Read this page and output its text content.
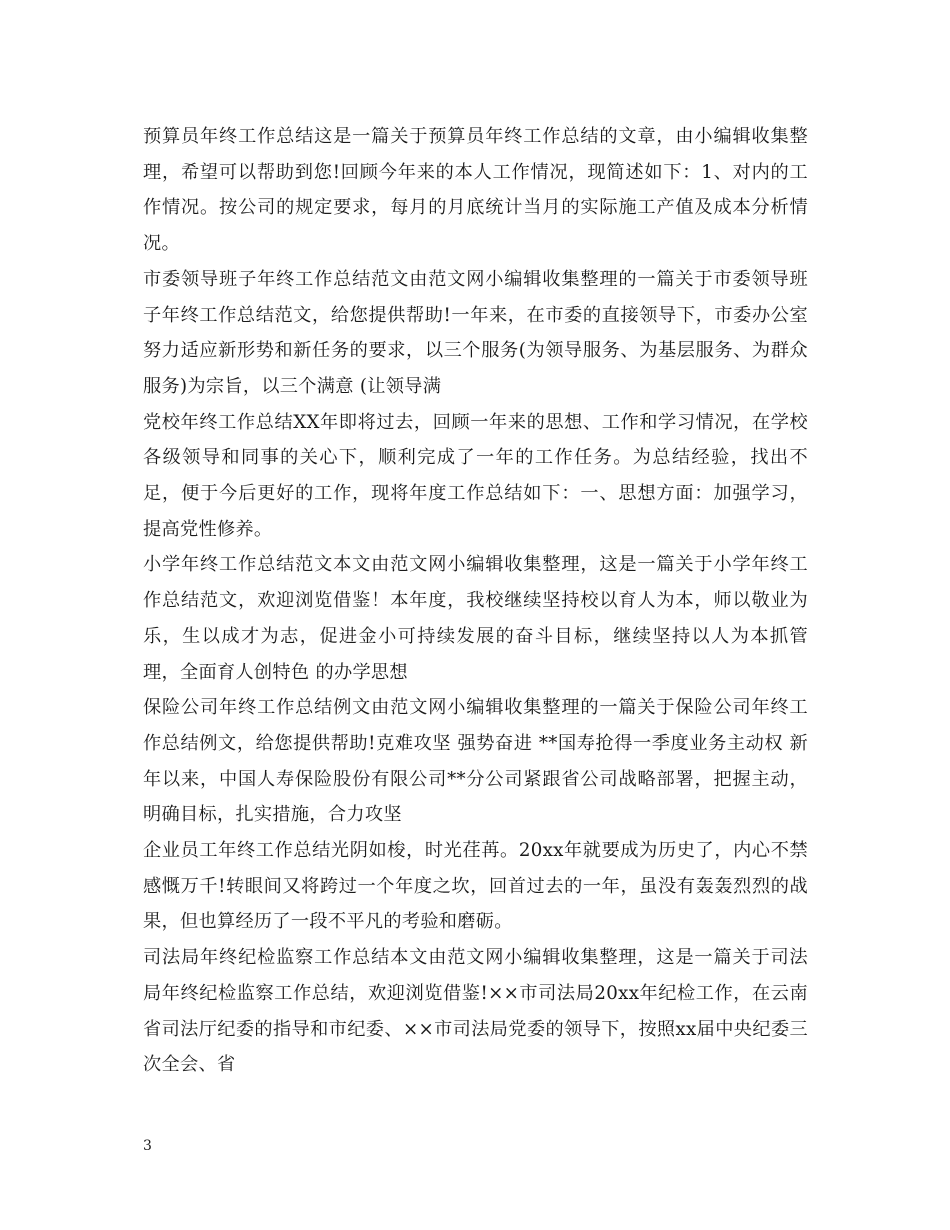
预算员年终工作总结这是一篇关于预算员年终工作总结的文章，由小编辑收集整理，希望可以帮助到您!回顾今年来的本人工作情况，现简述如下：1、对内的工作情况。按公司的规定要求，每月的月底统计当月的实际施工产值及成本分析情况。

市委领导班子年终工作总结范文由范文网小编辑收集整理的一篇关于市委领导班子年终工作总结范文，给您提供帮助!一年来，在市委的直接领导下，市委办公室努力适应新形势和新任务的要求，以三个服务(为领导服务、为基层服务、为群众服务)为宗旨，以三个满意 (让领导满

党校年终工作总结XX年即将过去，回顾一年来的思想、工作和学习情况，在学校各级领导和同事的关心下，顺利完成了一年的工作任务。为总结经验，找出不足，便于今后更好的工作，现将年度工作总结如下：一、思想方面：加强学习，提高党性修养。

小学年终工作总结范文本文由范文网小编辑收集整理，这是一篇关于小学年终工作总结范文，欢迎浏览借鉴！本年度，我校继续坚持校以育人为本，师以敬业为乐，生以成才为志，促进金小可持续发展的奋斗目标，继续坚持以人为本抓管理，全面育人创特色 的办学思想

保险公司年终工作总结例文由范文网小编辑收集整理的一篇关于保险公司年终工作总结例文，给您提供帮助!克难攻坚 强势奋进 **国寿抢得一季度业务主动权 新年以来，中国人寿保险股份有限公司**分公司紧跟省公司战略部署，把握主动，明确目标，扎实措施，合力攻坚

企业员工年终工作总结光阴如梭，时光荏苒。20xx年就要成为历史了，内心不禁感慨万千!转眼间又将跨过一个年度之坎，回首过去的一年，虽没有轰轰烈烈的战果，但也算经历了一段不平凡的考验和磨砺。

司法局年终纪检监察工作总结本文由范文网小编辑收集整理，这是一篇关于司法局年终纪检监察工作总结，欢迎浏览借鉴!××市司法局20xx年纪检工作，在云南省司法厅纪委的指导和市纪委、××市司法局党委的领导下，按照xx届中央纪委三次全会、省

3
